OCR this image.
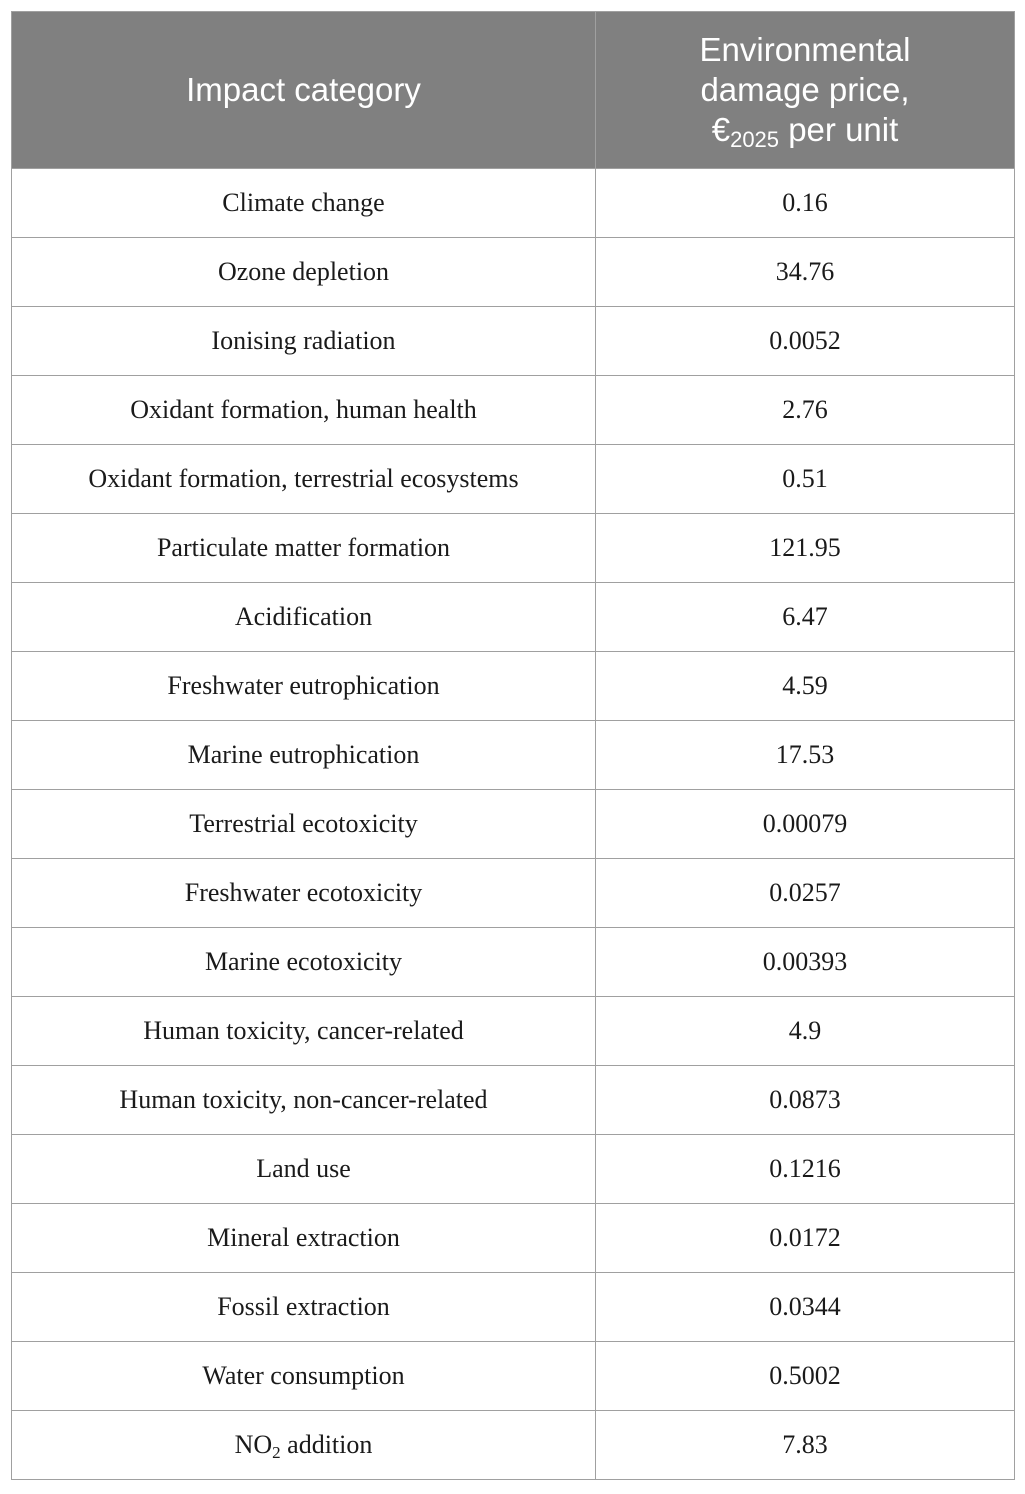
Impact category	Environmental
damage price,
$€_{2025}$ per unit
Climate change	0.16
Ozone depletion	34.76
Ionising radiation	0.0052
Oxidant formation, human health	2.76
Oxidant formation, terrestrial ecosystems	0.51
Particulate matter formation	121.95
Acidification	6.47
Freshwater eutrophication	4.59
Marine eutrophication	17.53
Terrestrial ecotoxicity	0.00079
Freshwater ecotoxicity	0.0257
Marine ecotoxicity	0.00393
Human toxicity, cancer-related	4.9
Human toxicity, non-cancer-related	0.0873
Land use	0.1216
Mineral extraction	0.0172
Fossil extraction	0.0344
Water consumption	0.5002
$NO_2$ addition	7.83
